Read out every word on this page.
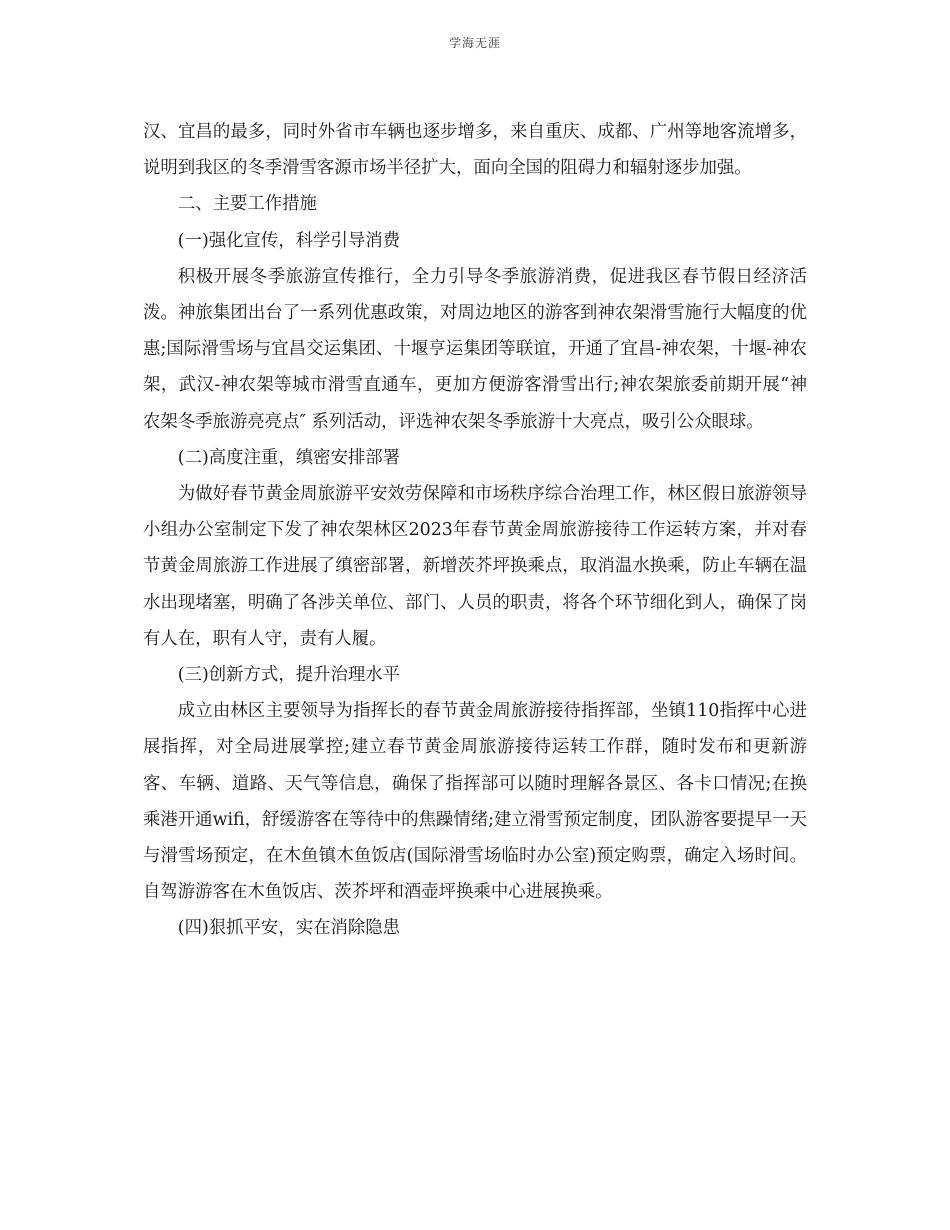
学海无涯

汉、宜昌的最多，同时外省市车辆也逐步增多，来自重庆、成都、广州等地客流增多，说明到我区的冬季滑雪客源市场半径扩大，面向全国的阻碍力和辐射逐步加强。

二、主要工作措施

(一)强化宣传，科学引导消费

积极开展冬季旅游宣传推行，全力引导冬季旅游消费，促进我区春节假日经济活泼。神旅集团出台了一系列优惠政策，对周边地区的游客到神农架滑雪施行大幅度的优惠;国际滑雪场与宜昌交运集团、十堰亨运集团等联谊，开通了宜昌-神农架，十堰-神农架，武汉-神农架等城市滑雪直通车，更加方便游客滑雪出行;神农架旅委前期开展“神农架冬季旅游亮亮点″ 系列活动，评选神农架冬季旅游十大亮点，吸引公众眼球。

(二)高度注重，缜密安排部署

为做好春节黄金周旅游平安效劳保障和市场秩序综合治理工作，林区假日旅游领导小组办公室制定下发了神农架林区2023年春节黄金周旅游接待工作运转方案，并对春节黄金周旅游工作进展了缜密部署，新增茨芥坪换乘点，取消温水换乘，防止车辆在温水出现堵塞，明确了各涉关单位、部门、人员的职责，将各个环节细化到人，确保了岗有人在，职有人守，责有人履。

(三)创新方式，提升治理水平

成立由林区主要领导为指挥长的春节黄金周旅游接待指挥部，坐镇110指挥中心进展指挥，对全局进展掌控;建立春节黄金周旅游接待运转工作群，随时发布和更新游客、车辆、道路、天气等信息，确保了指挥部可以随时理解各景区、各卡口情况;在换乘港开通wifi，舒缓游客在等待中的焦躁情绪;建立滑雪预定制度，团队游客要提早一天与滑雪场预定，在木鱼镇木鱼饭店(国际滑雪场临时办公室)预定购票，确定入场时间。自驾游游客在木鱼饭店、茨芥坪和酒壶坪换乘中心进展换乘。

(四)狠抓平安，实在消除隐患
